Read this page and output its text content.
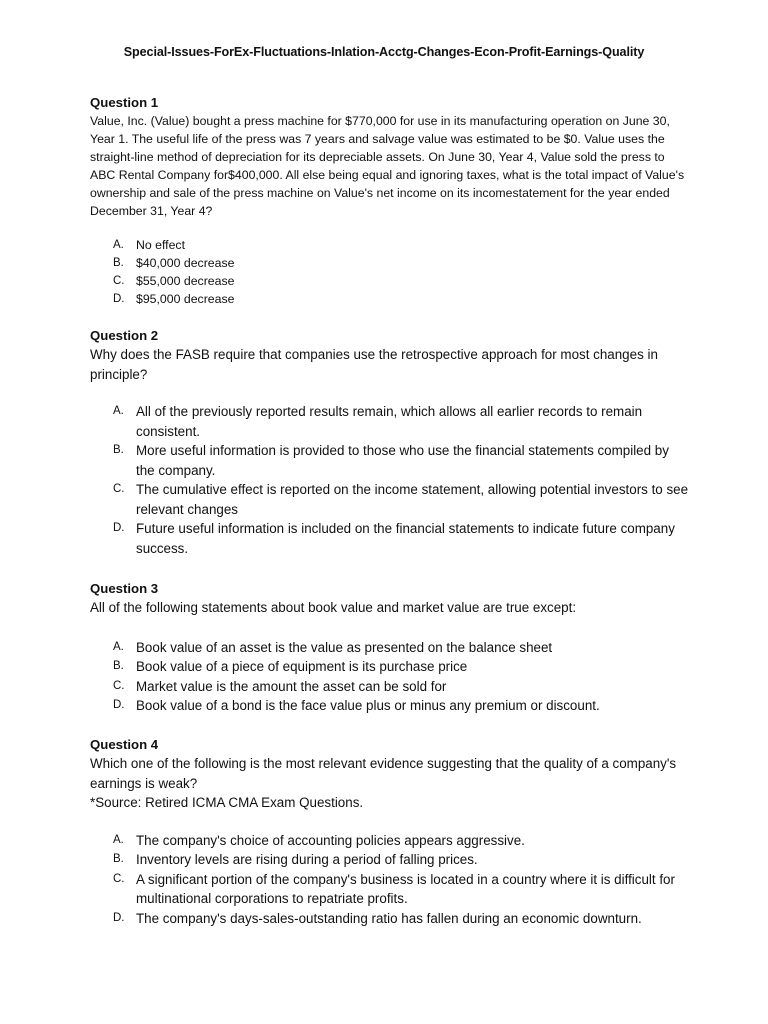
Special-Issues-ForEx-Fluctuations-Inlation-Acctg-Changes-Econ-Profit-Earnings-Quality
Question 1
Value, Inc. (Value) bought a press machine for $770,000 for use in its manufacturing operation on June 30, Year 1. The useful life of the press was 7 years and salvage value was estimated to be $0. Value uses the straight-line method of depreciation for its depreciable assets. On June 30, Year 4, Value sold the press to ABC Rental Company for$400,000. All else being equal and ignoring taxes, what is the total impact of Value's ownership and sale of the press machine on Value's net income on its incomestatement for the year ended December 31, Year 4?
A. No effect
B. $40,000 decrease
C. $55,000 decrease
D. $95,000 decrease
Question 2
Why does the FASB require that companies use the retrospective approach for most changes in principle?
A. All of the previously reported results remain, which allows all earlier records to remain consistent.
B. More useful information is provided to those who use the financial statements compiled by the company.
C. The cumulative effect is reported on the income statement, allowing potential investors to see relevant changes
D. Future useful information is included on the financial statements to indicate future company success.
Question 3
All of the following statements about book value and market value are true except:
A. Book value of an asset is the value as presented on the balance sheet
B. Book value of a piece of equipment is its purchase price
C. Market value is the amount the asset can be sold for
D. Book value of a bond is the face value plus or minus any premium or discount.
Question 4
Which one of the following is the most relevant evidence suggesting that the quality of a company's earnings is weak?
*Source: Retired ICMA CMA Exam Questions.
A. The company's choice of accounting policies appears aggressive.
B. Inventory levels are rising during a period of falling prices.
C. A significant portion of the company's business is located in a country where it is difficult for multinational corporations to repatriate profits.
D. The company's days-sales-outstanding ratio has fallen during an economic downturn.
